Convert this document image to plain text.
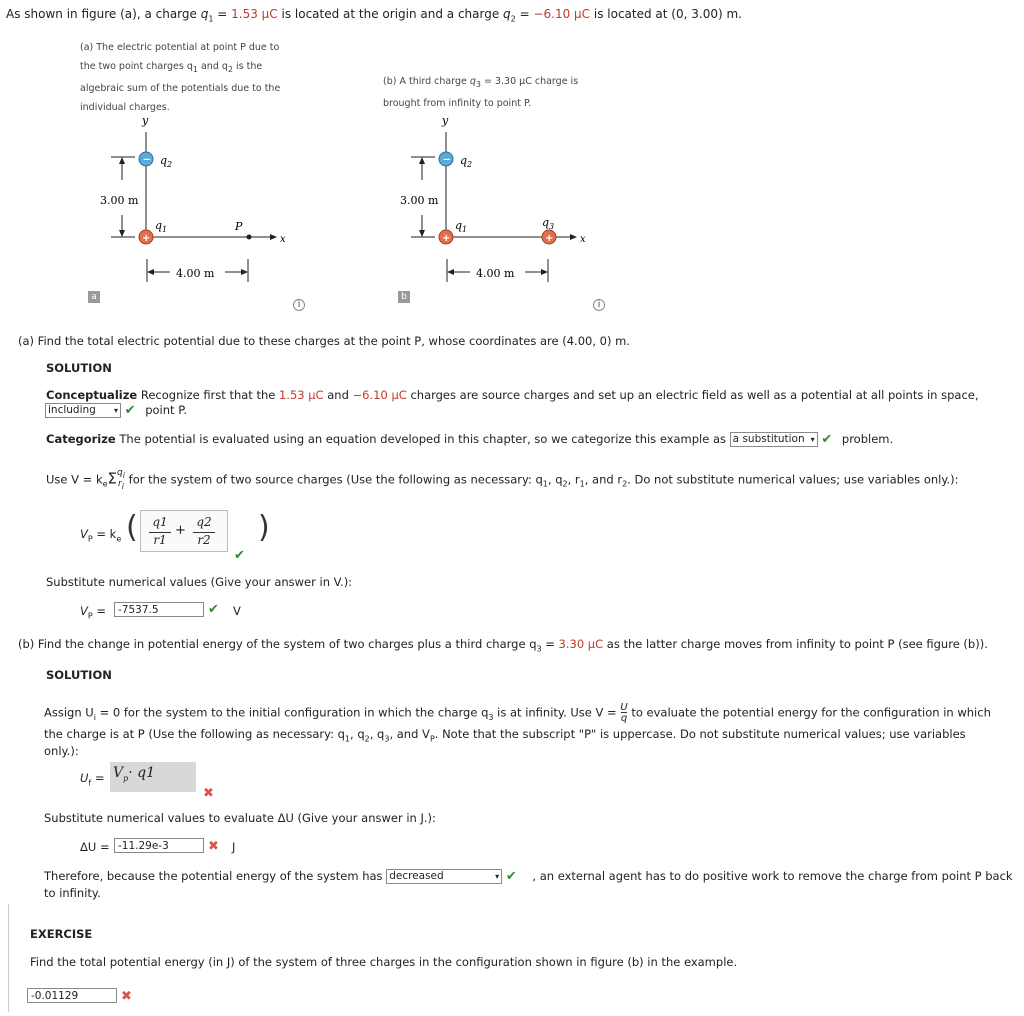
As shown in figure (a), a charge $q_1 = 1.53$ μC is located at the origin and a charge $q_2 = -6.10$ μC is located at (0, 3.00) m.
(a) The electric potential at point P due to
the two point charges $q_1$ and $q_2$ is the
algebraic sum of the potentials due to the
individual charges.
y
x
− $q_2$
+
$q_1$	P
3.00 m
4.00 m
a
i
(b) A third charge $q_3 = 3.30$ μC charge is
brought from infinity to point P.
y
x
− $q_2$
+
$q_1$
+
$q_3$
3.00 m
4.00 m
b
i
(a) Find the total electric potential due to these charges at the point P, whose coordinates are (4.00, 0) m.
SOLUTION
Conceptualize Recognize first that the 1.53 μC and −6.10 μC charges are source charges and set up an electric field as well as a potential at all points in space,
including ▾ ✔ point P.
Categorize The potential is evaluated using an equation developed in this chapter, so we categorize this example as a substitution ▾ ✔ problem.
Use $V = k_e\Sigma q_i$
$r_i$ for the system of two source charges (Use the following as necessary: $q_1$, $q_2$, $r_1$, and $r_2$. Do not substitute numerical values; use variables only.):
$V_P = k_e$ ( q1
r1
+
q2
r2
✔
)
Substitute numerical values (Give your answer in V.):
$V_P$ =	-7537.5	✔ V
(b) Find the change in potential energy of the system of two charges plus a third charge $q_3 = 3.30$ μC as the latter charge moves from infinity to point P (see figure (b)).
SOLUTION
Assign $U_i = 0$ for the system to the initial configuration in which the charge $q_3$ is at infinity. Use $V = \frac{U}{q}$ to evaluate the potential energy for the configuration in which
the charge is at P (Use the following as necessary: $q_1$, $q_2$, $q_3$, and $V_P$. Note that the subscript "P" is uppercase. Do not substitute numerical values; use variables
only.):
$U_f = V_p\cdot q1$
✖
Substitute numerical values to evaluate ΔU (Give your answer in J.):
ΔU = -11.29e-3	✖ J
Therefore, because the potential energy of the system has decreased	▾ ✔ , an external agent has to do positive work to remove the charge from point P back
to infinity.
EXERCISE
Find the total potential energy (in J) of the system of three charges in the configuration shown in figure (b) in the example.
-0.01129	✖
